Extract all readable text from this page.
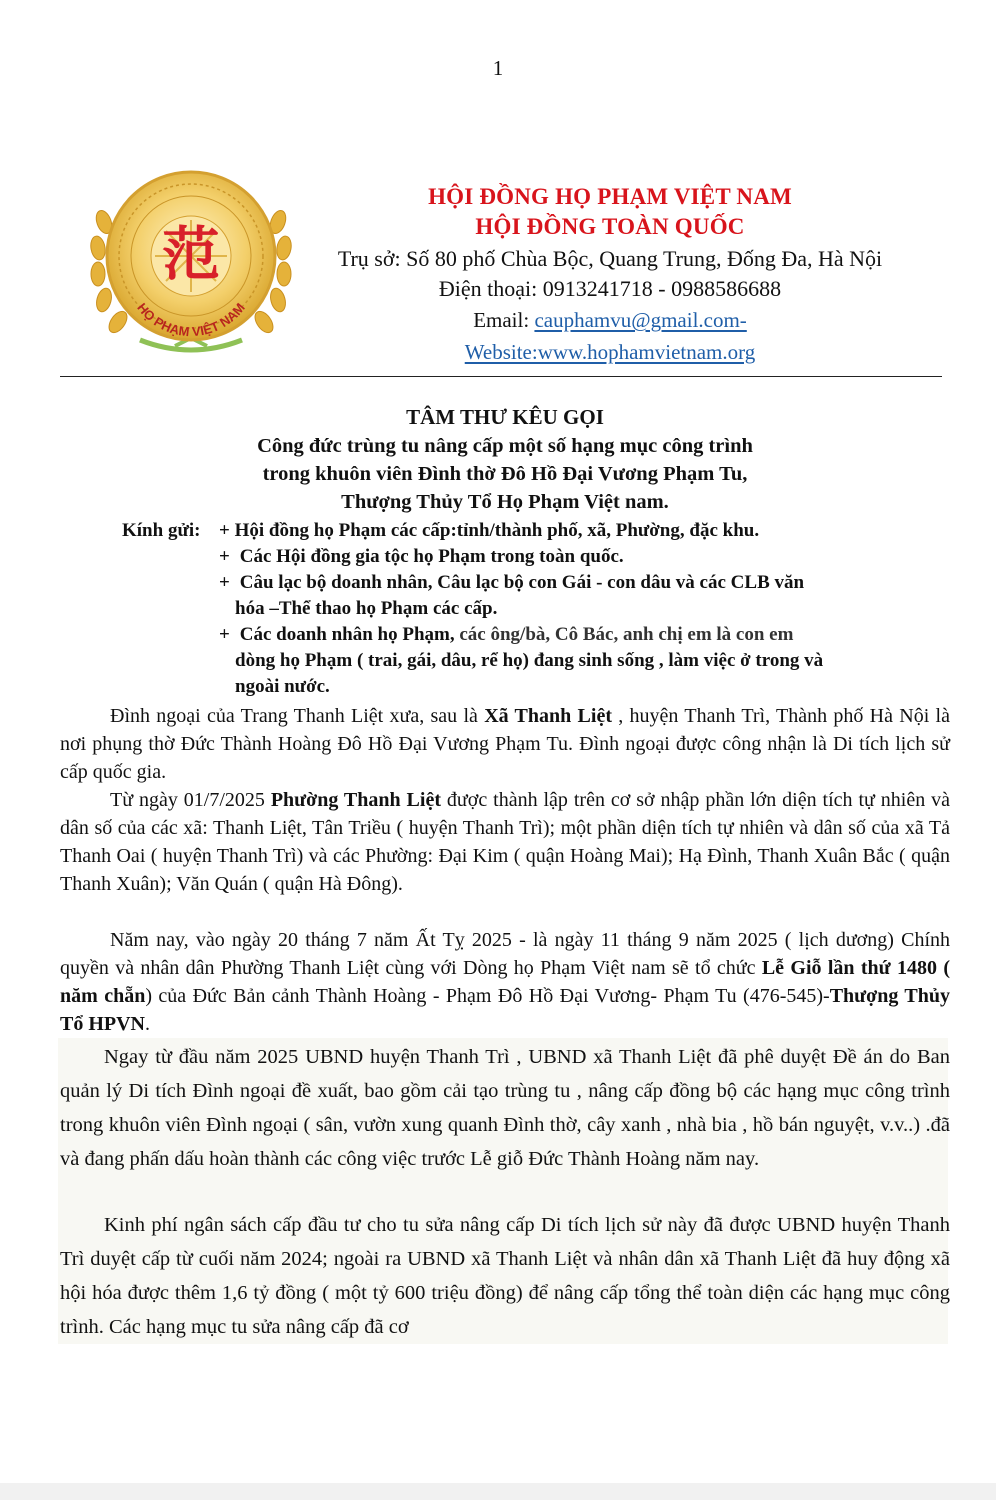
1
范
HỌ PHẠM VIỆT NAM
HỘI ĐỒNG HỌ PHẠM VIỆT NAM
HỘI ĐỒNG TOÀN QUỐC
Trụ sở: Số 80 phố Chùa Bộc, Quang Trung, Đống Đa, Hà Nội
Điện thoại: 0913241718 - 0988586688
Email: cauphamvu@gmail.com-
Website:www.hophamvietnam.org
TÂM THƯ KÊU GỌI
Công đức trùng tu nâng cấp một số hạng mục công trình
trong khuôn viên Đình thờ Đô Hồ Đại Vương Phạm Tu,
Thượng Thủy Tổ Họ Phạm Việt nam.
Kính gửi: + Hội đồng họ Phạm các cấp:tỉnh/thành phố, xã, Phường, đặc khu.
+ Các Hội đồng gia tộc họ Phạm trong toàn quốc.
+ Câu lạc bộ doanh nhân, Câu lạc bộ con Gái - con dâu và các CLB văn
hóa –Thể thao họ Phạm các cấp.
+ Các doanh nhân họ Phạm, các ông/bà, Cô Bác, anh chị em là con em
dòng họ Phạm ( trai, gái, dâu, rể họ) đang sinh sống , làm việc ở trong và
ngoài nước.
Đình ngoại của Trang Thanh Liệt xưa, sau là Xã Thanh Liệt , huyện Thanh Trì, Thành phố Hà Nội là nơi phụng thờ Đức Thành Hoàng Đô Hồ Đại Vương Phạm Tu. Đình ngoại được công nhận là Di tích lịch sử cấp quốc gia.
Từ ngày 01/7/2025 Phường Thanh Liệt được thành lập trên cơ sở nhập phần lớn diện tích tự nhiên và dân số của các xã: Thanh Liệt, Tân Triều ( huyện Thanh Trì); một phần diện tích tự nhiên và dân số của xã Tả Thanh Oai ( huyện Thanh Trì) và các Phường: Đại Kim ( quận Hoàng Mai); Hạ Đình, Thanh Xuân Bắc ( quận Thanh Xuân); Văn Quán ( quận Hà Đông).
Năm nay, vào ngày 20 tháng 7 năm Ất Tỵ 2025 - là ngày 11 tháng 9 năm 2025 ( lịch dương) Chính quyền và nhân dân Phường Thanh Liệt cùng với Dòng họ Phạm Việt nam sẽ tổ chức Lễ Giỗ lần thứ 1480 ( năm chẵn) của Đức Bản cảnh Thành Hoàng - Phạm Đô Hồ Đại Vương- Phạm Tu (476-545)-Thượng Thủy Tổ HPVN.
Ngay từ đầu năm 2025 UBND huyện Thanh Trì , UBND xã Thanh Liệt đã phê duyệt Đề án do Ban quản lý Di tích Đình ngoại đề xuất, bao gồm cải tạo trùng tu , nâng cấp đồng bộ các hạng mục công trình trong khuôn viên Đình ngoại ( sân, vườn xung quanh Đình thờ, cây xanh , nhà bia , hồ bán nguyệt, v.v..) .đã và đang phấn dấu hoàn thành các công việc trước Lễ giỗ Đức Thành Hoàng năm nay.
Kinh phí ngân sách cấp đầu tư cho tu sửa nâng cấp Di tích lịch sử này đã được UBND huyện Thanh Trì duyệt cấp từ cuối năm 2024; ngoài ra UBND xã Thanh Liệt và nhân dân xã Thanh Liệt đã huy động xã hội hóa được thêm 1,6 tỷ đồng ( một tỷ 600 triệu đồng) để nâng cấp tổng thể toàn diện các hạng mục công trình. Các hạng mục tu sửa nâng cấp đã cơ
